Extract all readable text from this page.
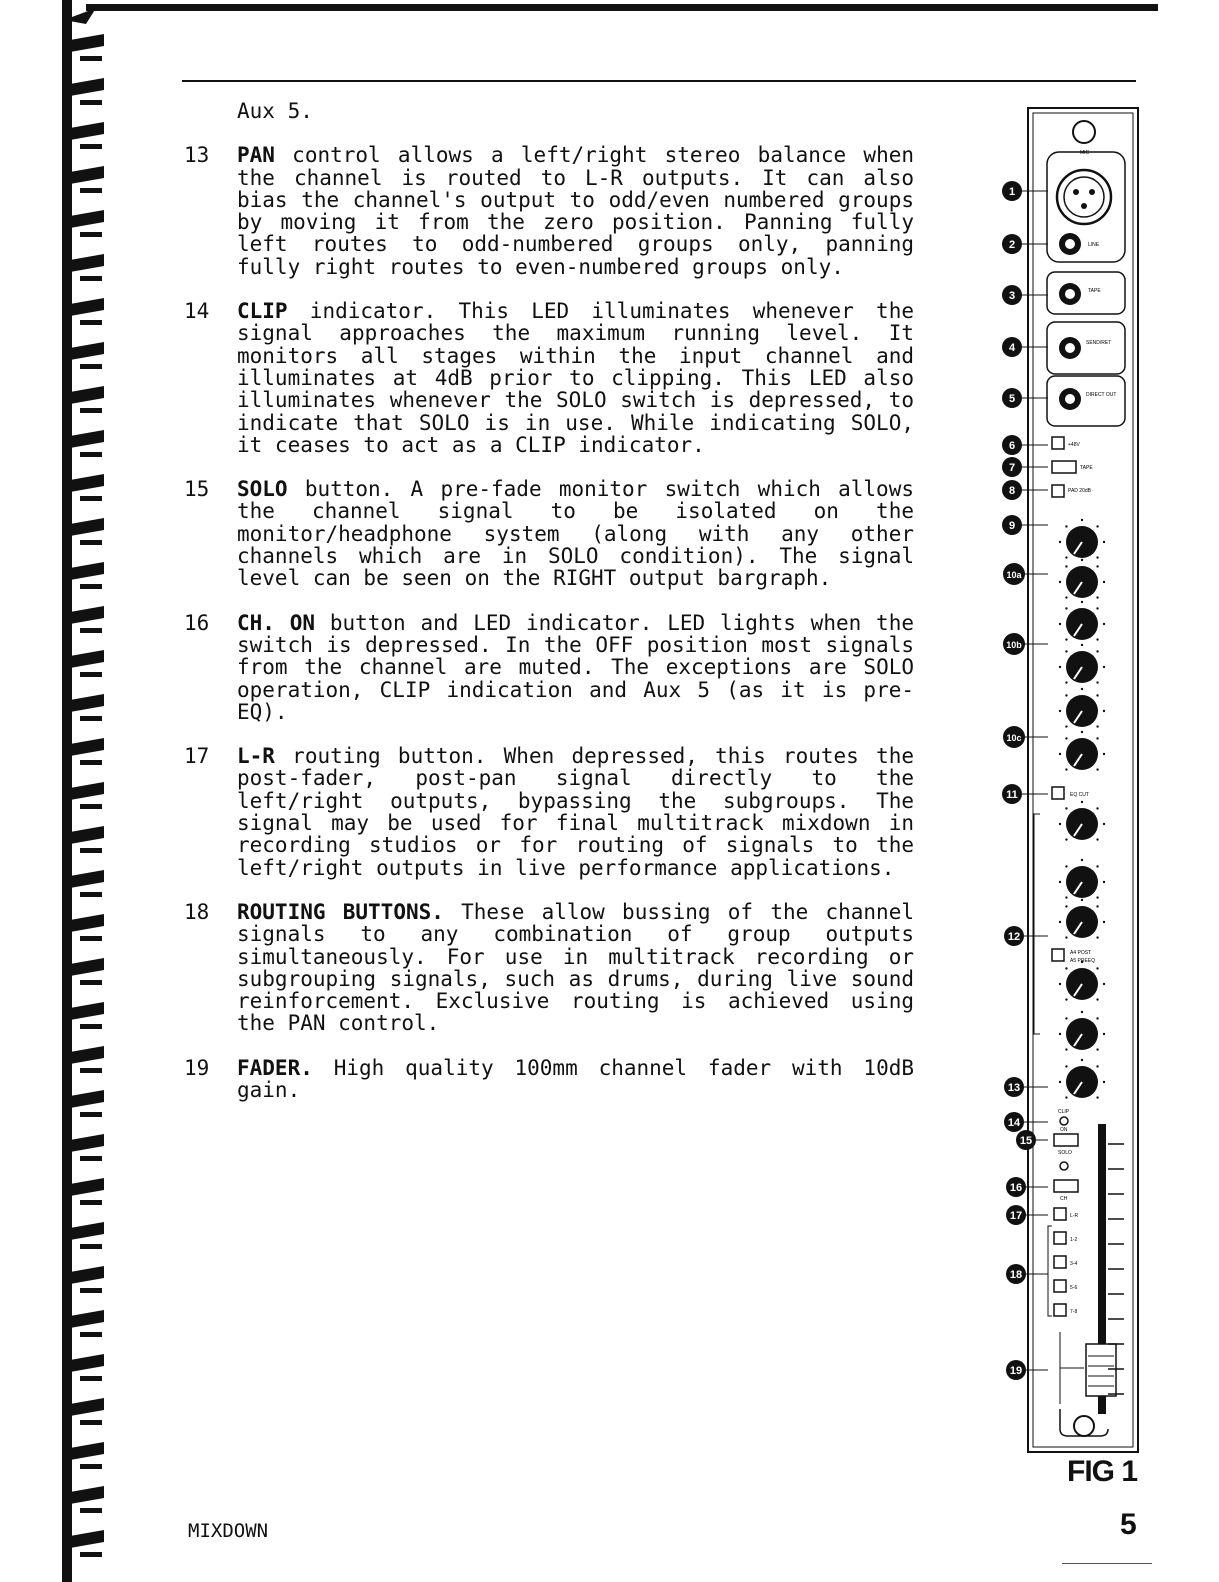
Aux 5.
13	PAN control allows a left/right stereo balance when the channel is routed to L-R outputs. It can also bias the channel's output to odd/even numbered groups by moving it from the zero position. Panning fully left routes to odd-numbered groups only, panning fully right routes to even-numbered groups only.
14	CLIP indicator. This LED illuminates whenever the signal approaches the maximum running level. It monitors all stages within the input channel and illuminates at 4dB prior to clipping. This LED also illuminates whenever the SOLO switch is depressed, to indicate that SOLO is in use. While indicating SOLO, it ceases to act as a CLIP indicator.
15	SOLO button. A pre-fade monitor switch which allows the channel signal to be isolated on the monitor/headphone system (along with any other channels which are in SOLO condition). The signal level can be seen on the RIGHT output bargraph.
16	CH. ON button and LED indicator. LED lights when the switch is depressed. In the OFF position most signals from the channel are muted. The exceptions are SOLO operation, CLIP indication and Aux 5 (as it is pre-EQ).
17	L-R routing button. When depressed, this routes the post-fader, post-pan signal directly to the left/right outputs, bypassing the subgroups. The signal may be used for final multitrack mixdown in recording studios or for routing of signals to the left/right outputs in live performance applications.
18	ROUTING BUTTONS. These allow bussing of the channel signals to any combination of group outputs simultaneously. For use in multitrack recording or subgrouping signals, such as drums, during live sound reinforcement. Exclusive routing is achieved using the PAN control.
19	FADER. High quality 100mm channel fader with 10dB gain.
MIC
LINE
TAPE
SEND/RET
DIRECT OUT
+48V
TAPE
PAD 20dB
EQ CUT
A4 POST
A5 PREEQ
CLIP
ON
SOLO
CH
L-R
1-2
3-4
5-6
7-8
1
2
3
4
5
6
7
8
9
10a
10b
10c
11
12
13
14
15
16
17
18
19
FIG 1
MIXDOWN	5
